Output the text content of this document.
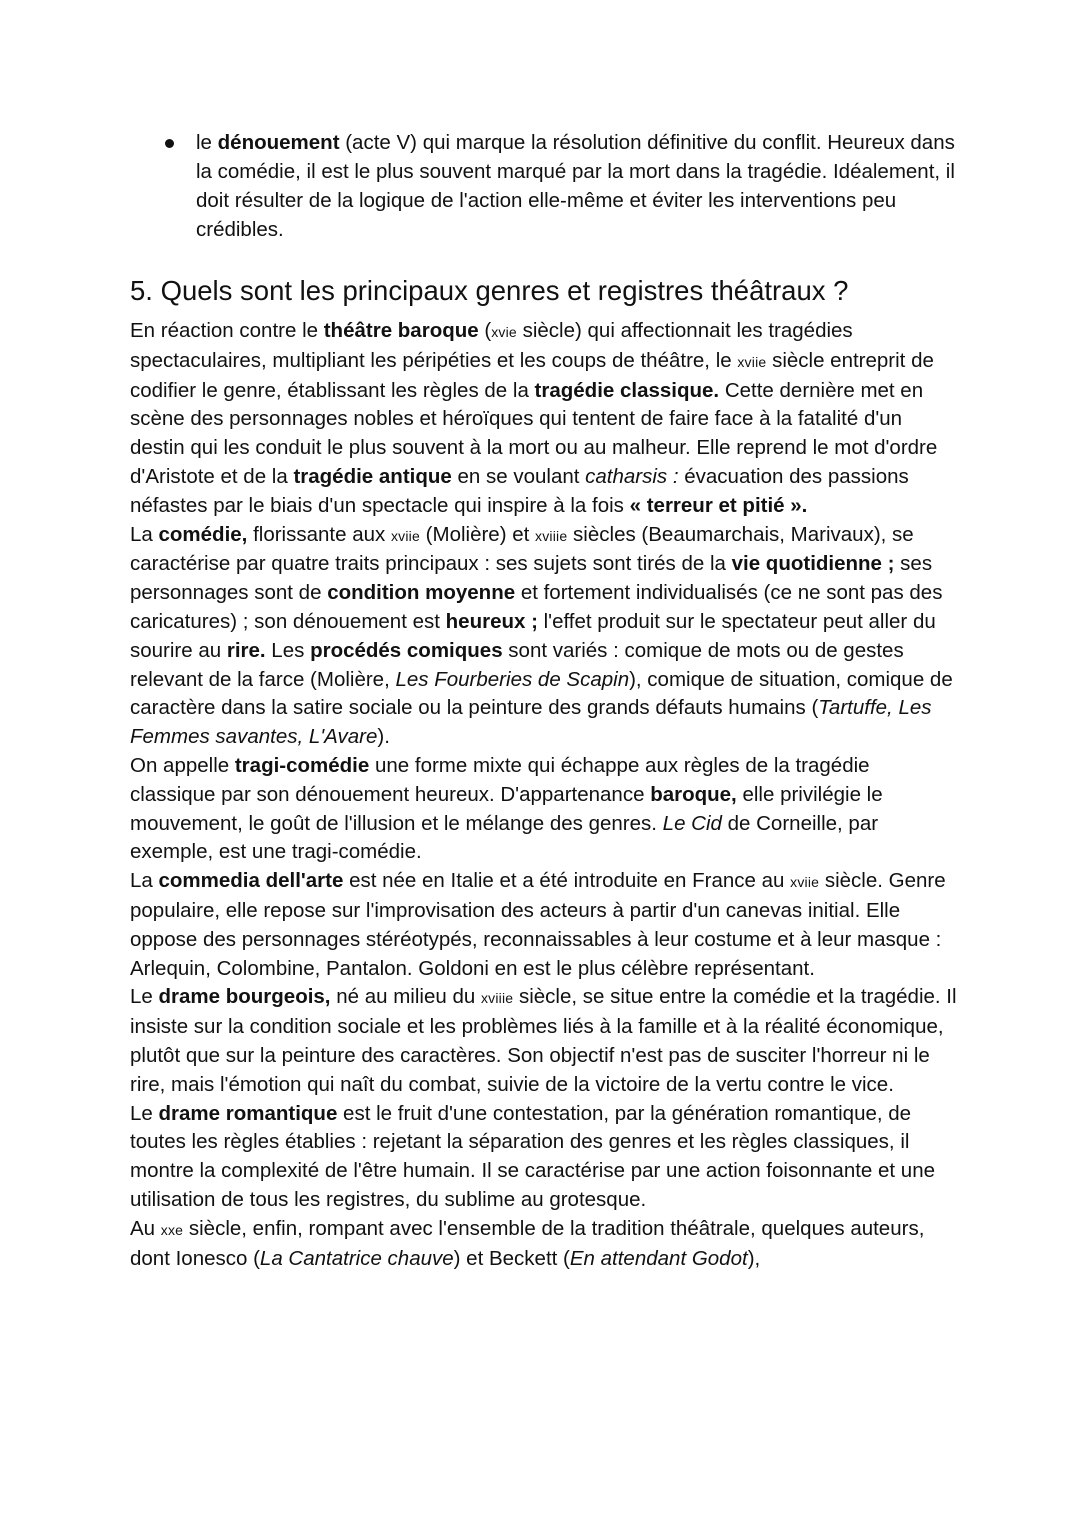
le dénouement (acte V) qui marque la résolution définitive du conflit. Heureux dans la comédie, il est le plus souvent marqué par la mort dans la tragédie. Idéalement, il doit résulter de la logique de l'action elle-même et éviter les interventions peu crédibles.
5. Quels sont les principaux genres et registres théâtraux ?

En réaction contre le théâtre baroque (xvie siècle) qui affectionnait les tragédies spectaculaires, multipliant les péripéties et les coups de théâtre, le xviie siècle entreprit de codifier le genre, établissant les règles de la tragédie classique. Cette dernière met en scène des personnages nobles et héroïques qui tentent de faire face à la fatalité d'un destin qui les conduit le plus souvent à la mort ou au malheur. Elle reprend le mot d'ordre d'Aristote et de la tragédie antique en se voulant catharsis : évacuation des passions néfastes par le biais d'un spectacle qui inspire à la fois « terreur et pitié ».

La comédie, florissante aux xviie (Molière) et xviiie siècles (Beaumarchais, Marivaux), se caractérise par quatre traits principaux : ses sujets sont tirés de la vie quotidienne ; ses personnages sont de condition moyenne et fortement individualisés (ce ne sont pas des caricatures) ; son dénouement est heureux ; l'effet produit sur le spectateur peut aller du sourire au rire. Les procédés comiques sont variés : comique de mots ou de gestes relevant de la farce (Molière, Les Fourberies de Scapin), comique de situation, comique de caractère dans la satire sociale ou la peinture des grands défauts humains (Tartuffe, Les Femmes savantes, L'Avare).

On appelle tragi-comédie une forme mixte qui échappe aux règles de la tragédie classique par son dénouement heureux. D'appartenance baroque, elle privilégie le mouvement, le goût de l'illusion et le mélange des genres. Le Cid de Corneille, par exemple, est une tragi-comédie.

La commedia dell'arte est née en Italie et a été introduite en France au xviie siècle. Genre populaire, elle repose sur l'improvisation des acteurs à partir d'un canevas initial. Elle oppose des personnages stéréotypés, reconnaissables à leur costume et à leur masque : Arlequin, Colombine, Pantalon. Goldoni en est le plus célèbre représentant.

Le drame bourgeois, né au milieu du xviiie siècle, se situe entre la comédie et la tragédie. Il insiste sur la condition sociale et les problèmes liés à la famille et à la réalité économique, plutôt que sur la peinture des caractères. Son objectif n'est pas de susciter l'horreur ni le rire, mais l'émotion qui naît du combat, suivie de la victoire de la vertu contre le vice.

Le drame romantique est le fruit d'une contestation, par la génération romantique, de toutes les règles établies : rejetant la séparation des genres et les règles classiques, il montre la complexité de l'être humain. Il se caractérise par une action foisonnante et une utilisation de tous les registres, du sublime au grotesque.

Au xxe siècle, enfin, rompant avec l'ensemble de la tradition théâtrale, quelques auteurs, dont Ionesco (La Cantatrice chauve) et Beckett (En attendant Godot),
